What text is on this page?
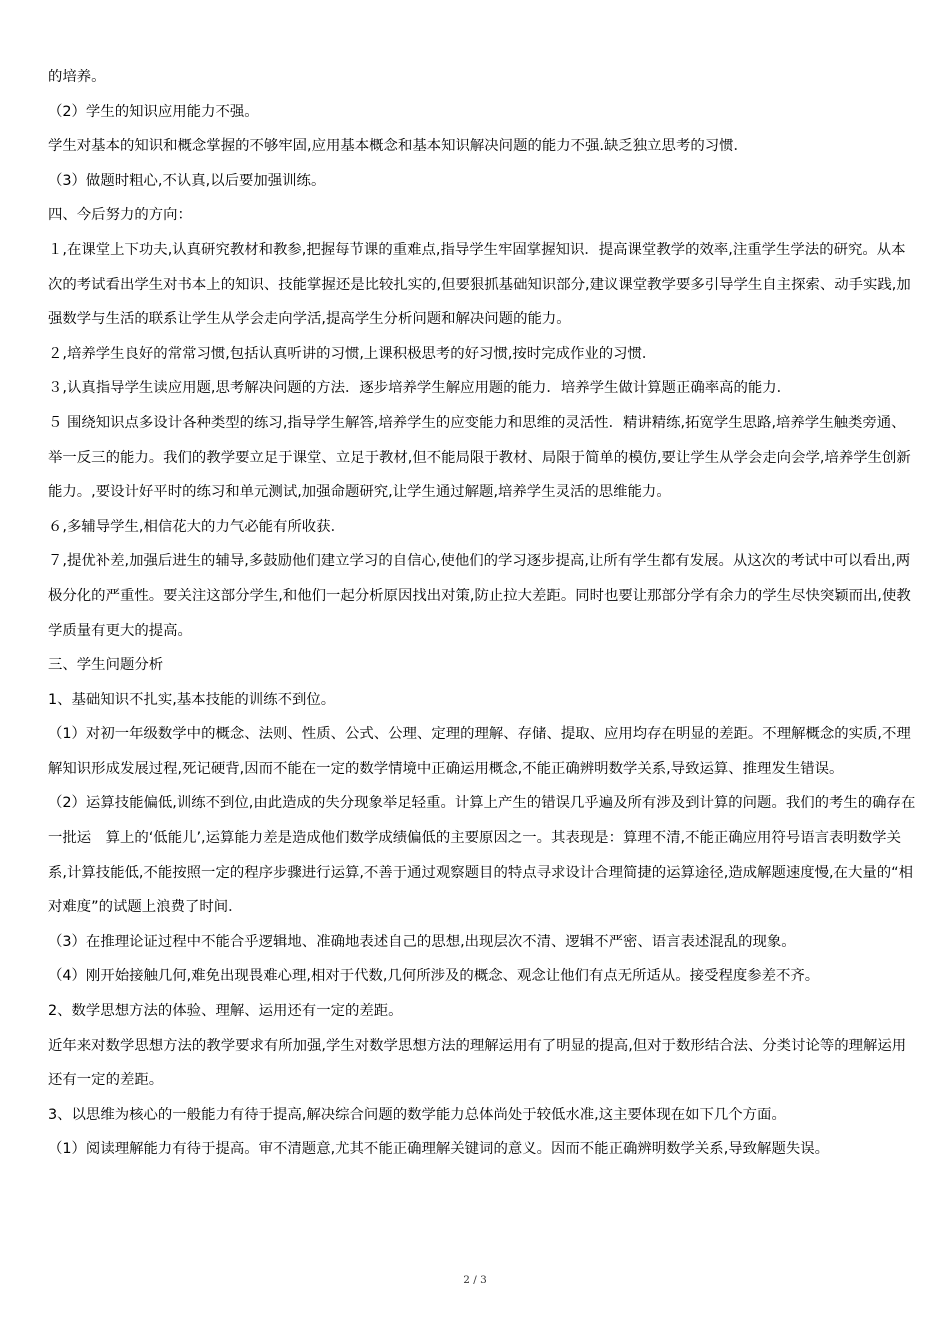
的培养。

（2）学生的知识应用能力不强。

学生对基本的知识和概念掌握的不够牢固,应用基本概念和基本知识解决问题的能力不强.缺乏独立思考的习惯．

（3）做题时粗心,不认真,以后要加强训练。

四、今后努力的方向：

１,在课堂上下功夫,认真研究教材和教参,把握每节课的重难点,指导学生牢固掌握知识．提高课堂教学的效率,注重学生学法的研究。从本次的考试看出学生对书本上的知识、技能掌握还是比较扎实的,但要狠抓基础知识部分,建议课堂教学要多引导学生自主探索、动手实践,加强数学与生活的联系让学生从学会走向学活,提高学生分析问题和解决问题的能力。

２,培养学生良好的常常习惯,包括认真听讲的习惯,上课积极思考的好习惯,按时完成作业的习惯．

３,认真指导学生读应用题,思考解决问题的方法．逐步培养学生解应用题的能力．培养学生做计算题正确率高的能力．

５ 围绕知识点多设计各种类型的练习,指导学生解答,培养学生的应变能力和思维的灵活性．精讲精练,拓宽学生思路,培养学生触类旁通、举一反三的能力。我们的教学要立足于课堂、立足于教材,但不能局限于教材、局限于简单的模仿,要让学生从学会走向会学,培养学生创新能力。,要设计好平时的练习和单元测试,加强命题研究,让学生通过解题,培养学生灵活的思维能力。

６,多辅导学生,相信花大的力气必能有所收获．

７,提优补差,加强后进生的辅导,多鼓励他们建立学习的自信心,使他们的学习逐步提高,让所有学生都有发展。从这次的考试中可以看出,两极分化的严重性。要关注这部分学生,和他们一起分析原因找出对策,防止拉大差距。同时也要让那部分学有余力的学生尽快突颖而出,使教学质量有更大的提高。

三、学生问题分析

1、基础知识不扎实,基本技能的训练不到位。

（1）对初一年级数学中的概念、法则、性质、公式、公理、定理的理解、存储、提取、应用均存在明显的差距。不理解概念的实质,不理解知识形成发展过程,死记硬背,因而不能在一定的数学情境中正确运用概念,不能正确辨明数学关系,导致运算、推理发生错误。

（2）运算技能偏低,训练不到位,由此造成的失分现象举足轻重。计算上产生的错误几乎遍及所有涉及到计算的问题。我们的考生的确存在一批运　算上的‘低能儿’,运算能力差是造成他们数学成绩偏低的主要原因之一。其表现是：算理不清,不能正确应用符号语言表明数学关系,计算技能低,不能按照一定的程序步骤进行运算,不善于通过观察题目的特点寻求设计合理简捷的运算途径,造成解题速度慢,在大量的“相对难度”的试题上浪费了时间．

（3）在推理论证过程中不能合乎逻辑地、准确地表述自己的思想,出现层次不清、逻辑不严密、语言表述混乱的现象。

（4）刚开始接触几何,难免出现畏难心理,相对于代数,几何所涉及的概念、观念让他们有点无所适从。接受程度参差不齐。

2、数学思想方法的体验、理解、运用还有一定的差距。

近年来对数学思想方法的教学要求有所加强,学生对数学思想方法的理解运用有了明显的提高,但对于数形结合法、分类讨论等的理解运用还有一定的差距。

3、以思维为核心的一般能力有待于提高,解决综合问题的数学能力总体尚处于较低水准,这主要体现在如下几个方面。

（1）阅读理解能力有待于提高。审不清题意,尤其不能正确理解关键词的意义。因而不能正确辨明数学关系,导致解题失误。

2 / 3
